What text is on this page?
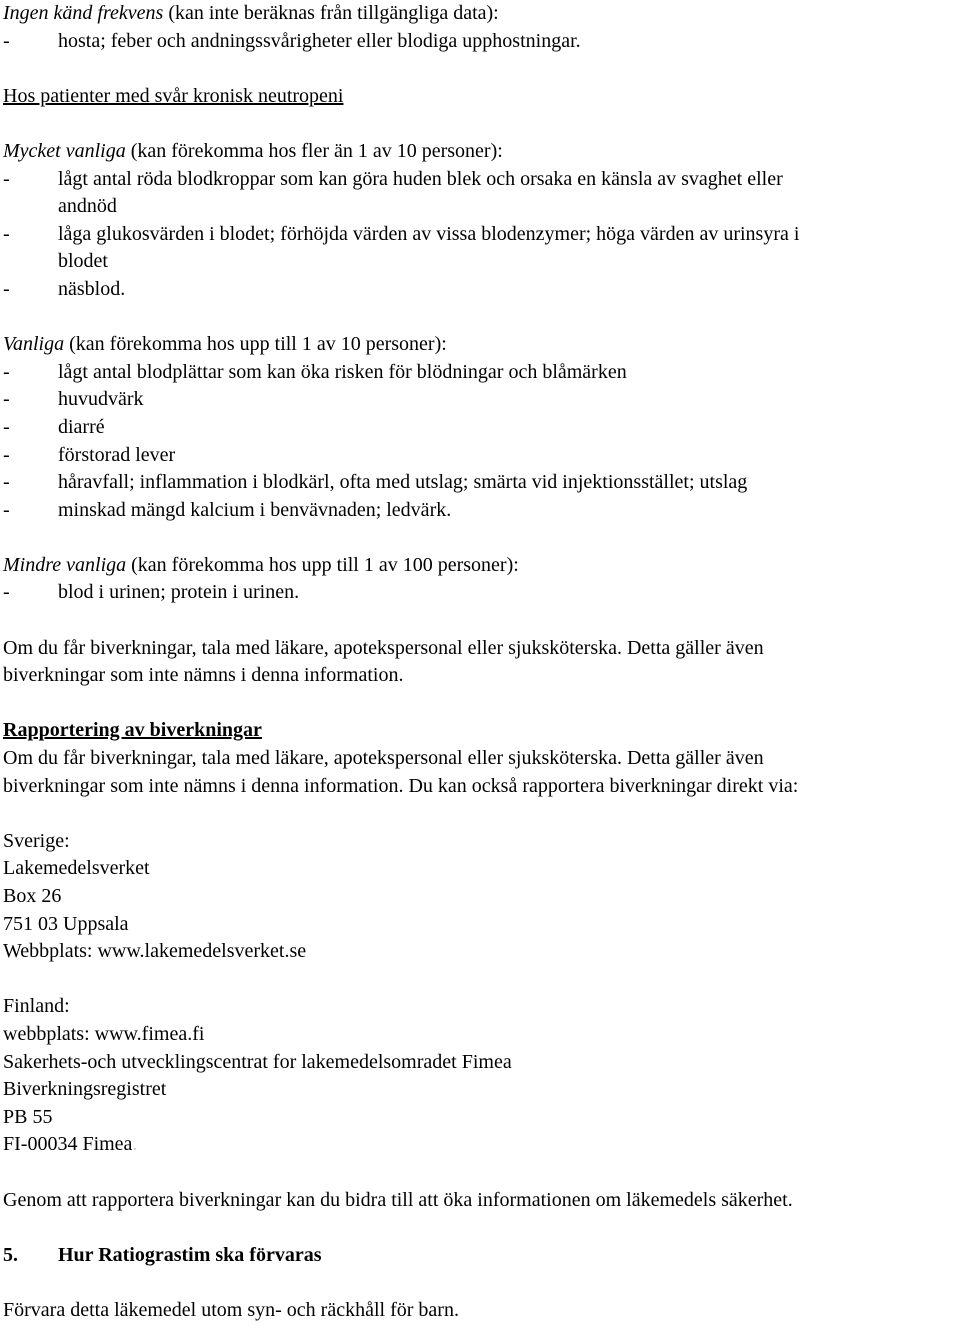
Ingen känd frekvens (kan inte beräknas från tillgängliga data):
-	hosta; feber och andningssvårigheter eller blodiga upphostningar.
Hos patienter med svår kronisk neutropeni
Mycket vanliga (kan förekomma hos fler än 1 av 10 personer):
-	lågt antal röda blodkroppar som kan göra huden blek och orsaka en känsla av svaghet eller
andnöd
-	låga glukosvärden i blodet; förhöjda värden av vissa blodenzymer; höga värden av urinsyra i
blodet
-	näsblod.
Vanliga (kan förekomma hos upp till 1 av 10 personer):
-	lågt antal blodplättar som kan öka risken för blödningar och blåmärken
-	huvudvärk
-	diarré
-	förstorad lever
-	håravfall; inflammation i blodkärl, ofta med utslag; smärta vid injektionsstället; utslag
-	minskad mängd kalcium i benvävnaden; ledvärk.
Mindre vanliga (kan förekomma hos upp till 1 av 100 personer):
-	blod i urinen; protein i urinen.
Om du får biverkningar, tala med läkare, apotekspersonal eller sjuksköterska. Detta gäller även
biverkningar som inte nämns i denna information.
Rapportering av biverkningar
Om du får biverkningar, tala med läkare, apotekspersonal eller sjuksköterska. Detta gäller även
biverkningar som inte nämns i denna information. Du kan också rapportera biverkningar direkt via:
Sverige:
Lakemedelsverket
Box 26
751 03 Uppsala
Webbplats: www.lakemedelsverket.se
Finland:
webbplats: www.fimea.fi
Sakerhets-och utvecklingscentrat for lakemedelsomradet Fimea
Biverkningsregistret
PB 55
FI-00034 Fimea.
Genom att rapportera biverkningar kan du bidra till att öka informationen om läkemedels säkerhet.
5.	Hur Ratiograstim ska förvaras
Förvara detta läkemedel utom syn- och räckhåll för barn.
